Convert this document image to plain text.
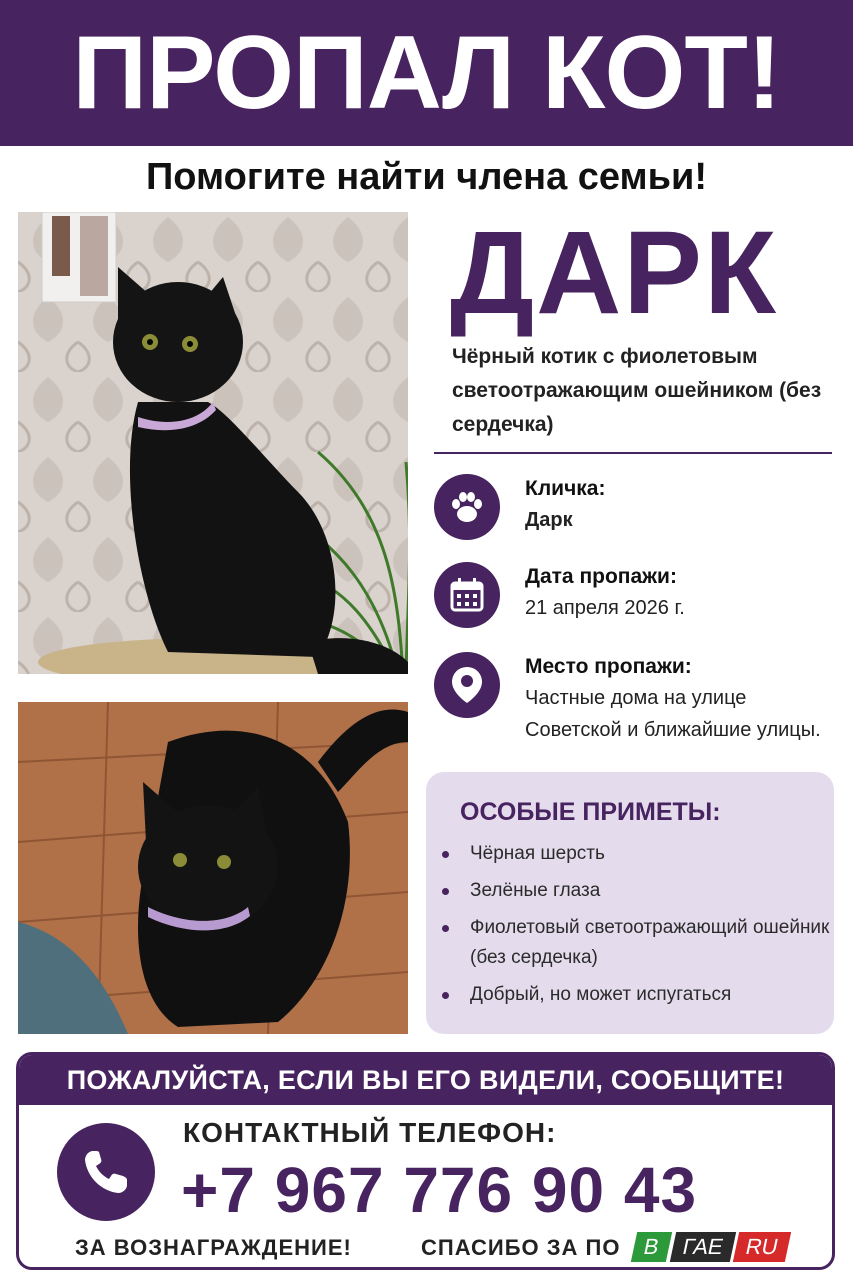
ПРОПАЛ КОТ!
Помогите найти члена семьи!
ДАРК
Чёрный котик с фиолетовым светоотражающим ошейником (без сердечка)
Кличка:
Дарк
Дата пропажи:
21 апреля 2026 г.
Место пропажи:
Частные дома на улице Советской и ближайшие улицы.
ОСОБЫЕ ПРИМЕТЫ:
Чёрная шерсть
Зелёные глаза
Фиолетовый светоотражающий ошейник (без сердечка)
Добрый, но может испугаться
ПОЖАЛУЙСТА, ЕСЛИ ВЫ ЕГО ВИДЕЛИ, СООБЩИТЕ!
КОНТАКТНЫЙ ТЕЛЕФОН:
+7 967 776 90 43
ЗА ВОЗНАГРАЖДЕНИЕ!	СПАСИБО ЗА ПО В ГАЕ RU
